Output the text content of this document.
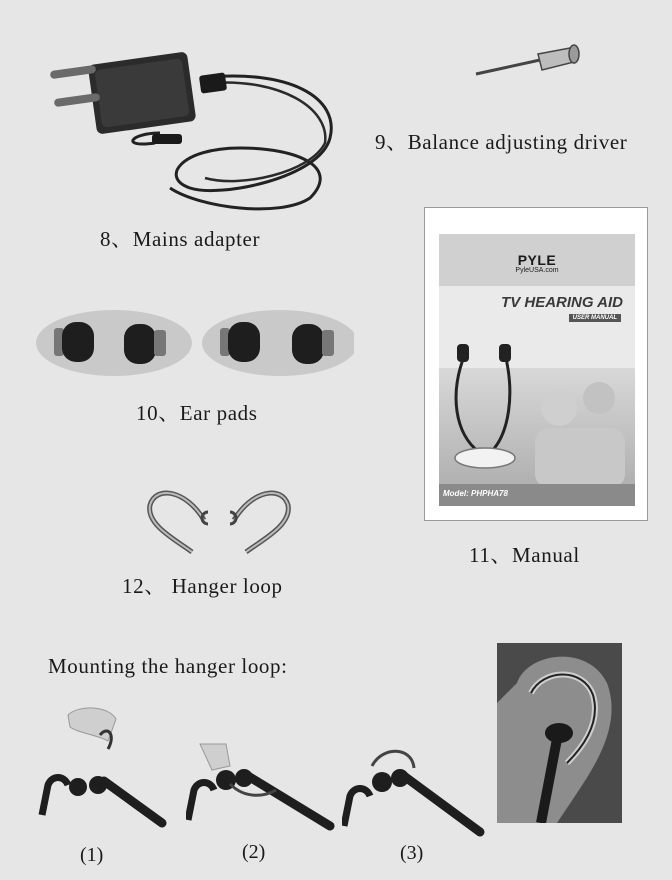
8、Mains adapter
9、Balance adjusting driver
10、Ear pads
12、 Hanger loop
PYLE
PyleUSA.com
TV HEARING AID
USER MANUAL
Model: PHPHA78
11、Manual
Mounting the hanger loop:
(1)	(2)	(3)
